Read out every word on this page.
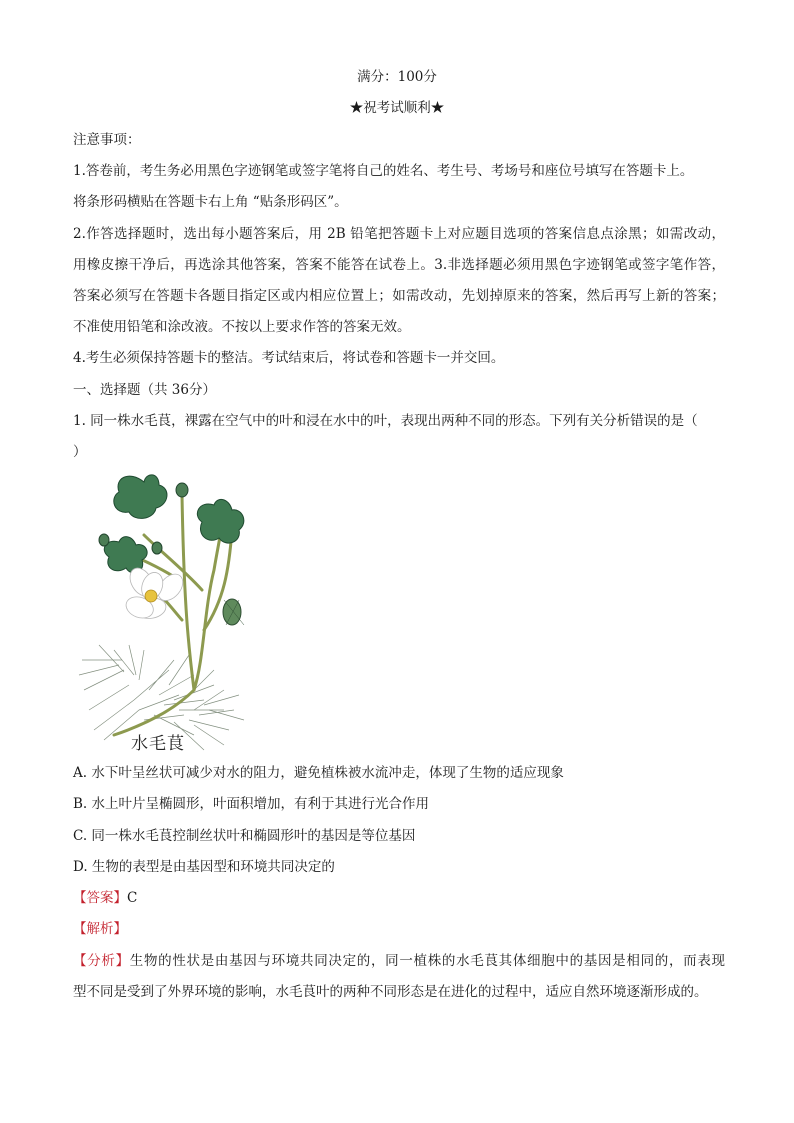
满分：100分
★祝考试顺利★
注意事项：
1.答卷前，考生务必用黑色字迹钢笔或签字笔将自己的姓名、考生号、考场号和座位号填写在答题卡上。
将条形码横贴在答题卡右上角 “贴条形码区”。
2.作答选择题时，选出每小题答案后，用 2B 铅笔把答题卡上对应题目选项的答案信息点涂黑；如需改动，
用橡皮擦干净后，再选涂其他答案，答案不能答在试卷上。3.非选择题必须用黑色字迹钢笔或签字笔作答，
答案必须写在答题卡各题目指定区或内相应位置上；如需改动，先划掉原来的答案，然后再写上新的答案；
不准使用铅笔和涂改液。不按以上要求作答的答案无效。
4.考生必须保持答题卡的整洁。考试结束后，将试卷和答题卡一并交回。
一、选择题（共 36分）
1. 同一株水毛茛，裸露在空气中的叶和浸在水中的叶，表现出两种不同的形态。下列有关分析错误的是（
）
水毛茛
A. 水下叶呈丝状可减少对水的阻力，避免植株被水流冲走，体现了生物的适应现象
B. 水上叶片呈椭圆形，叶面积增加，有利于其进行光合作用
C. 同一株水毛茛控制丝状叶和椭圆形叶的基因是等位基因
D. 生物的表型是由基因型和环境共同决定的
【答案】C
【解析】
【分析】生物的性状是由基因与环境共同决定的，同一植株的水毛茛其体细胞中的基因是相同的，而表现
型不同是受到了外界环境的影响，水毛茛叶的两种不同形态是在进化的过程中，适应自然环境逐渐形成的。
